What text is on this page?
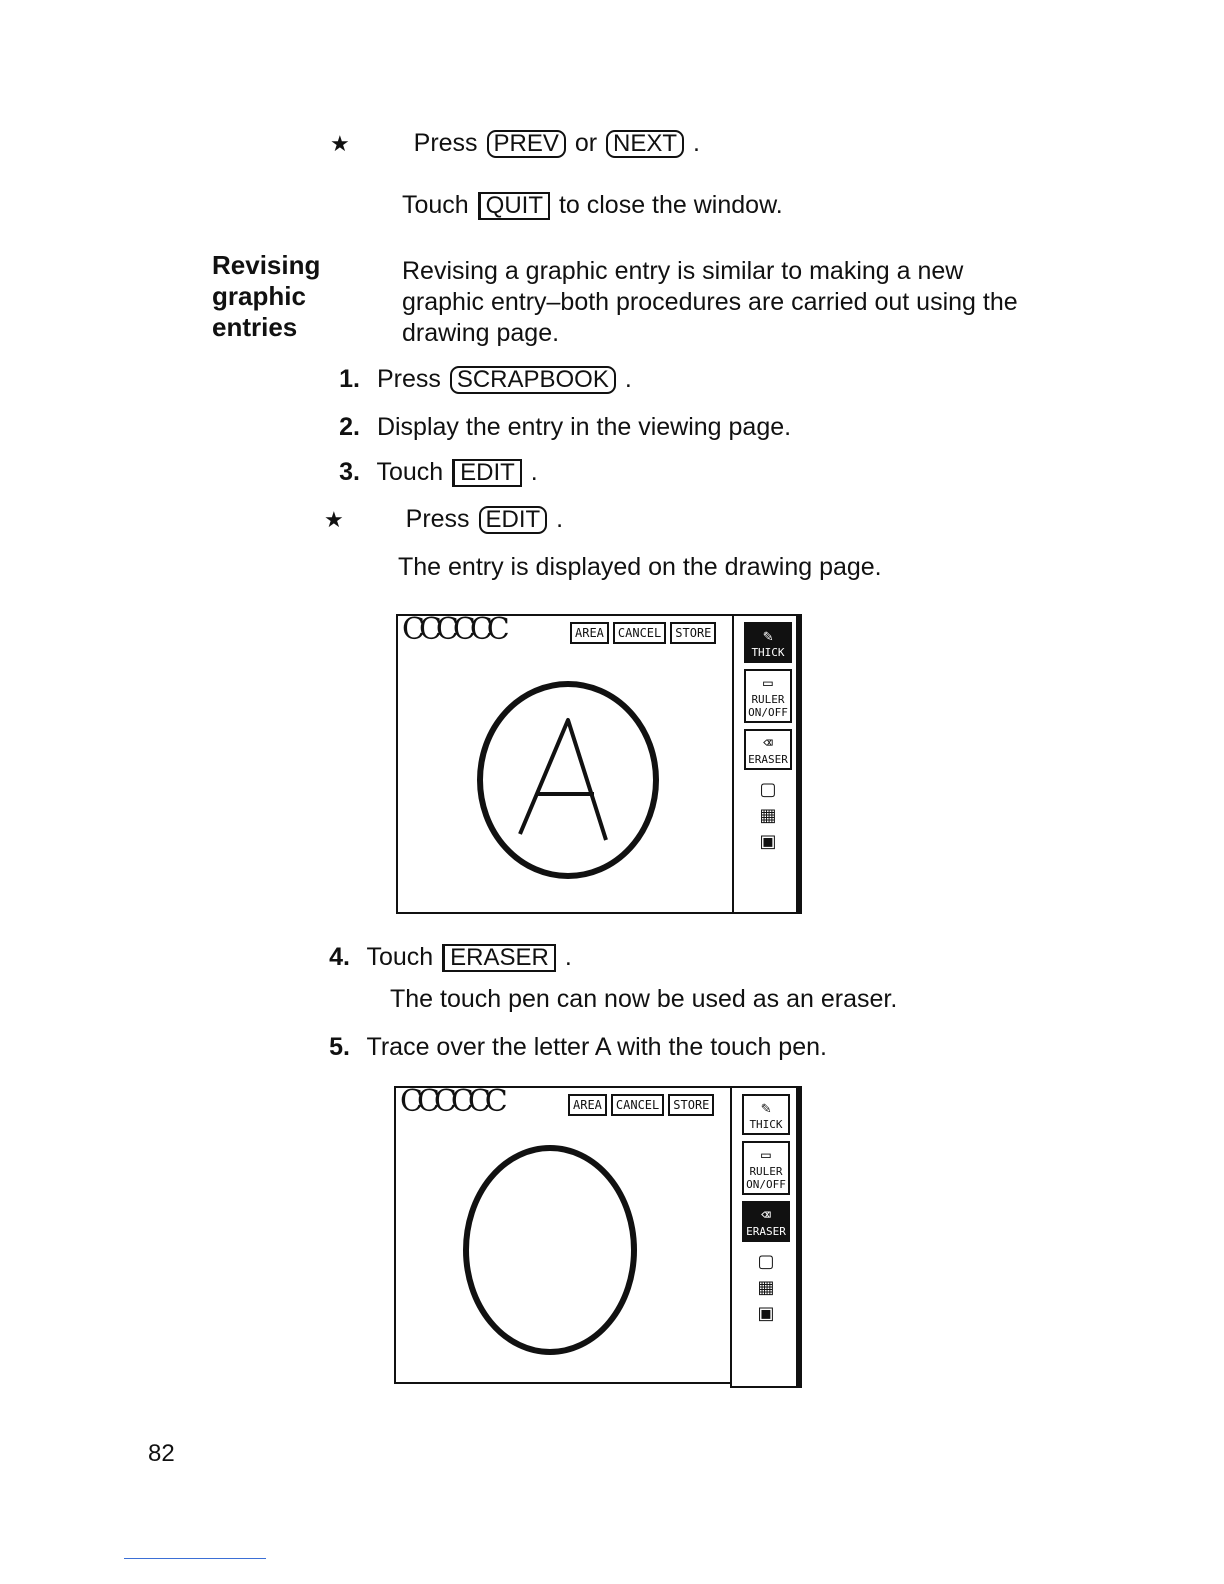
★	Press PREV or NEXT .
Touch QUIT to close the window.
Revising graphic entries
Revising a graphic entry is similar to making a new graphic entry–both procedures are carried out using the drawing page.
1. Press SCRAPBOOK .
2. Display the entry in the viewing page.
3. Touch EDIT .
★ Press EDIT .
The entry is displayed on the drawing page.
CCCCCC	AREA	CANCEL	STORE	✎
THICK
▭
RULER
ON/OFF
⌫
ERASER
▢
▦
▣
4. Touch ERASER .
The touch pen can now be used as an eraser.
5. Trace over the letter A with the touch pen.
CCCCCC	AREA	CANCEL	STORE	✎
THICK
▭
RULER
ON/OFF
⌫
ERASER
▢
▦
▣
82
